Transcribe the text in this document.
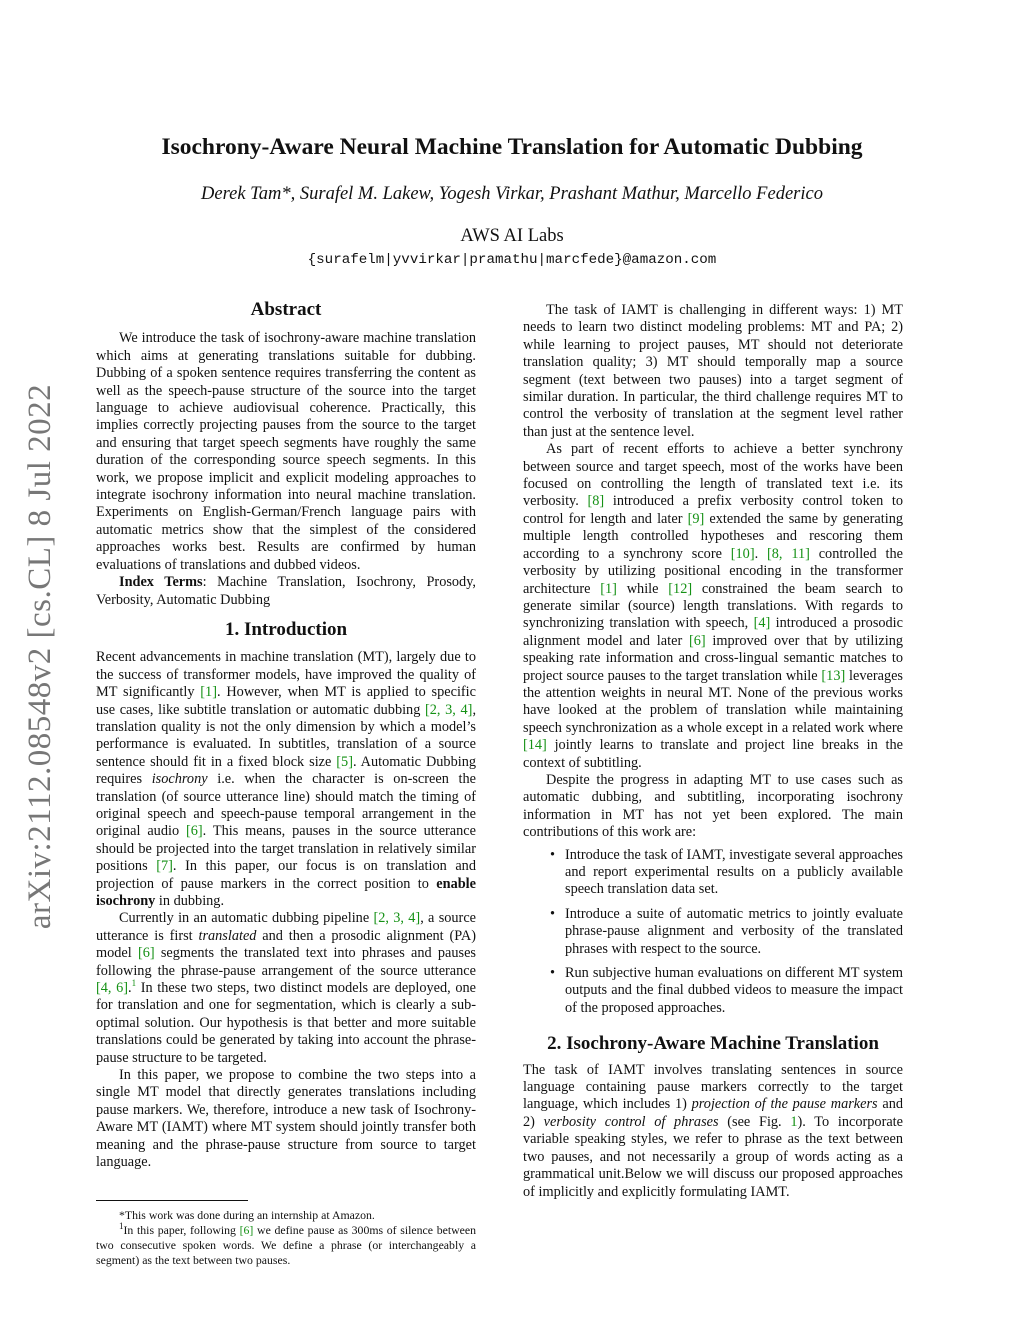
arXiv:2112.08548v2 [cs.CL] 8 Jul 2022
Isochrony-Aware Neural Machine Translation for Automatic Dubbing
Derek Tam*, Surafel M. Lakew, Yogesh Virkar, Prashant Mathur, Marcello Federico
AWS AI Labs
{surafelm|yvvirkar|pramathu|marcfede}@amazon.com
Abstract

We introduce the task of isochrony-aware machine translation which aims at generating translations suitable for dubbing. Dubbing of a spoken sentence requires transferring the content as well as the speech-pause structure of the source into the target language to achieve audiovisual coherence. Practically, this implies correctly projecting pauses from the source to the target and ensuring that target speech segments have roughly the same duration of the corresponding source speech segments. In this work, we propose implicit and explicit modeling approaches to integrate isochrony information into neural machine translation. Experiments on English-German/French language pairs with automatic metrics show that the simplest of the considered approaches works best. Results are confirmed by human evaluations of translations and dubbed videos.

Index Terms: Machine Translation, Isochrony, Prosody, Verbosity, Automatic Dubbing

1. Introduction

Recent advancements in machine translation (MT), largely due to the success of transformer models, have improved the quality of MT significantly [1]. However, when MT is applied to specific use cases, like subtitle translation or automatic dubbing [2, 3, 4], translation quality is not the only dimension by which a model’s performance is evaluated. In subtitles, translation of a source sentence should fit in a fixed block size [5]. Automatic Dubbing requires isochrony i.e. when the character is on-screen the translation (of source utterance line) should match the timing of original speech and speech-pause temporal arrangement in the original audio [6]. This means, pauses in the source utterance should be projected into the target translation in relatively similar positions [7]. In this paper, our focus is on translation and projection of pause markers in the correct position to enable isochrony in dubbing.

Currently in an automatic dubbing pipeline [2, 3, 4], a source utterance is first translated and then a prosodic alignment (PA) model [6] segments the translated text into phrases and pauses following the phrase-pause arrangement of the source utterance [4, 6].$^1$ In these two steps, two distinct models are deployed, one for translation and one for segmentation, which is clearly a sub-optimal solution. Our hypothesis is that better and more suitable translations could be generated by taking into account the phrase-pause structure to be targeted.

In this paper, we propose to combine the two steps into a single MT model that directly generates translations including pause markers. We, therefore, introduce a new task of Isochrony-Aware MT (IAMT) where MT system should jointly transfer both meaning and the phrase-pause structure from source to target language.

*This work was done during an internship at Amazon.

$^1$In this paper, following [6] we define pause as 300ms of silence between two consecutive spoken words. We define a phrase (or interchangeably a segment) as the text between two pauses.

The task of IAMT is challenging in different ways: 1) MT needs to learn two distinct modeling problems: MT and PA; 2) while learning to project pauses, MT should not deteriorate translation quality; 3) MT should temporally map a source segment (text between two pauses) into a target segment of similar duration. In particular, the third challenge requires MT to control the verbosity of translation at the segment level rather than just at the sentence level.

As part of recent efforts to achieve a better synchrony between source and target speech, most of the works have been focused on controlling the length of translated text i.e. its verbosity. [8] introduced a prefix verbosity control token to control for length and later [9] extended the same by generating multiple length controlled hypotheses and rescoring them according to a synchrony score [10]. [8, 11] controlled the verbosity by utilizing positional encoding in the transformer architecture [1] while [12] constrained the beam search to generate similar (source) length translations. With regards to synchronizing translation with speech, [4] introduced a prosodic alignment model and later [6] improved over that by utilizing speaking rate information and cross-lingual semantic matches to project source pauses to the target translation while [13] leverages the attention weights in neural MT. None of the previous works have looked at the problem of translation while maintaining speech synchronization as a whole except in a related work where [14] jointly learns to translate and project line breaks in the context of subtitling.

Despite the progress in adapting MT to use cases such as automatic dubbing, and subtitling, incorporating isochrony information in MT has not yet been explored. The main contributions of this work are:

• Introduce the task of IAMT, investigate several approaches and report experimental results on a publicly available speech translation data set.
• Introduce a suite of automatic metrics to jointly evaluate phrase-pause alignment and verbosity of the translated phrases with respect to the source.
• Run subjective human evaluations on different MT system outputs and the final dubbed videos to measure the impact of the proposed approaches.
2. Isochrony-Aware Machine Translation

The task of IAMT involves translating sentences in source language containing pause markers correctly to the target language, which includes 1) projection of the pause markers and 2) verbosity control of phrases (see Fig. 1). To incorporate variable speaking styles, we refer to phrase as the text between two pauses, and not necessarily a group of words acting as a grammatical unit.Below we will discuss our proposed approaches of implicitly and explicitly formulating IAMT.
